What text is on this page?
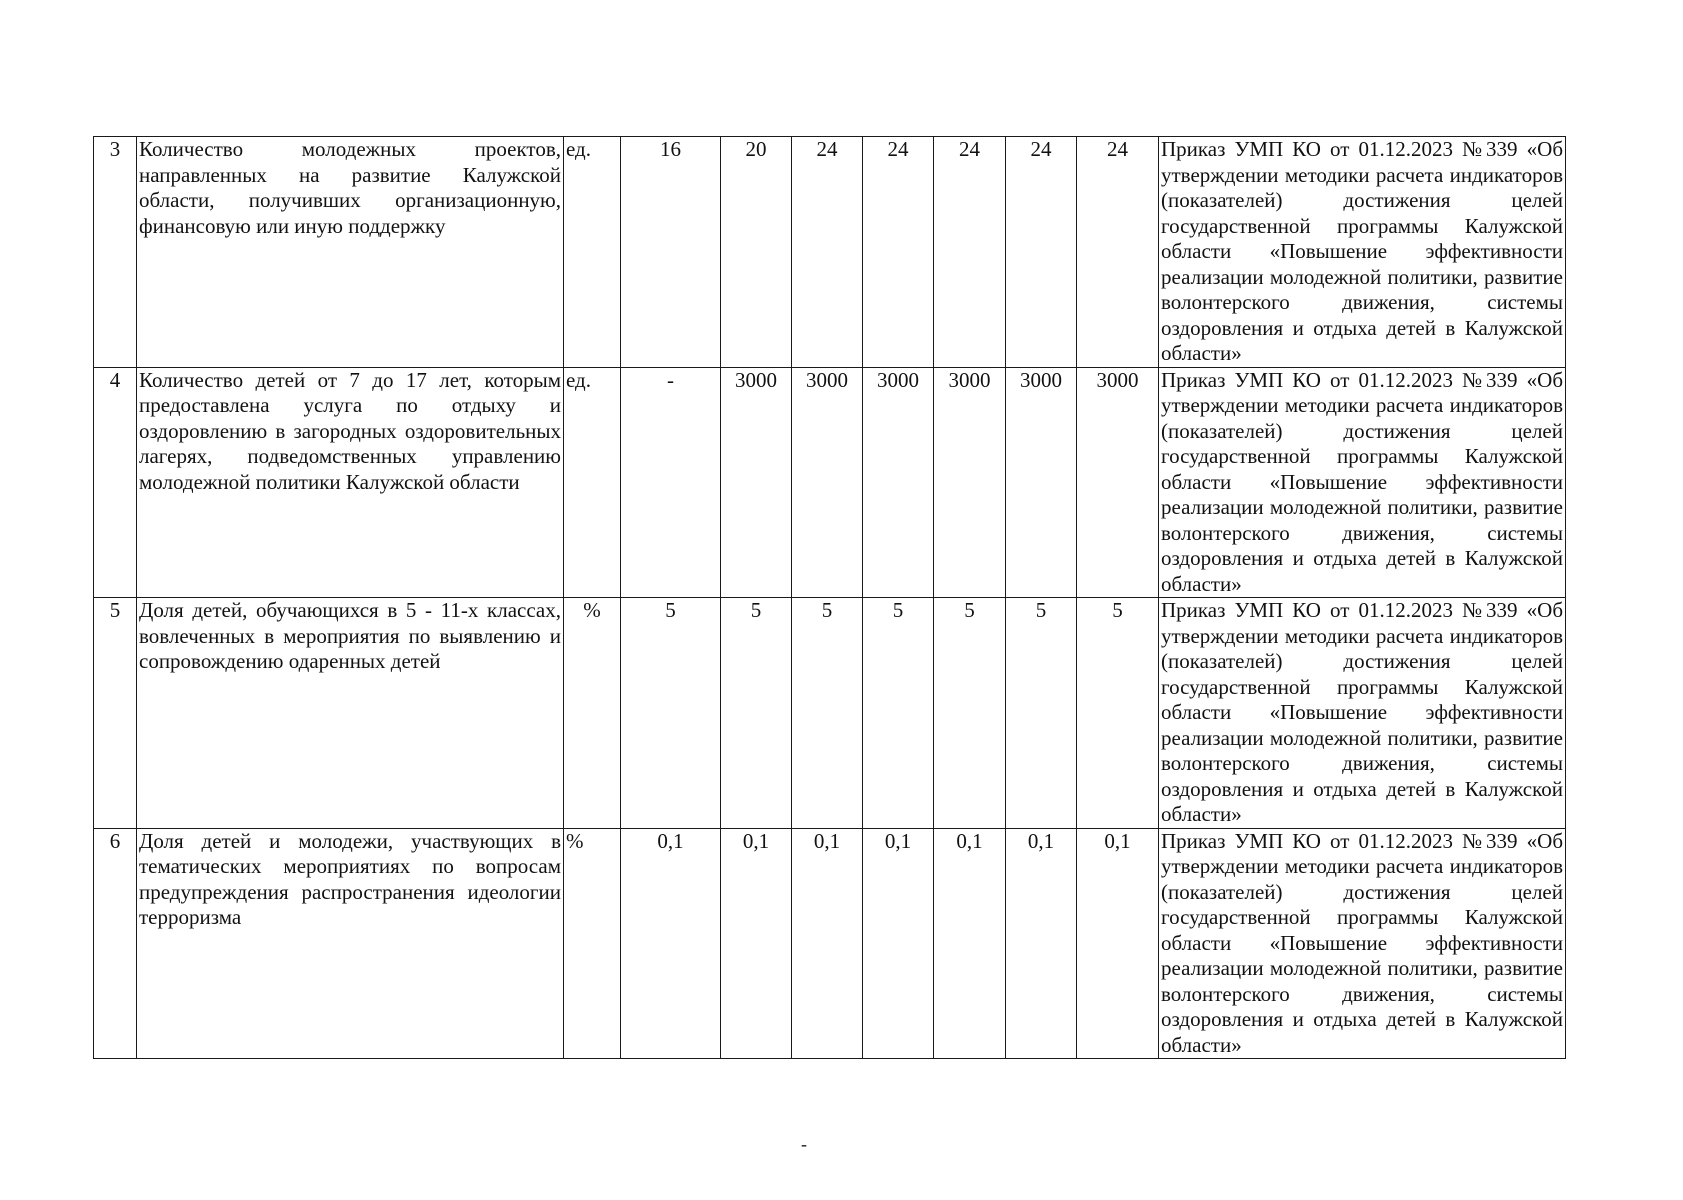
3	Количество молодежных проектов, направленных на развитие Калужской области, получивших организационную, финансовую или иную поддержку	ед.	16	20	24	24	24	24	24	Приказ УМП КО от 01.12.2023 №339 «Об утверждении методики расчета индикаторов (показателей) достижения целей государственной программы Калужской области «Повышение эффективности реализации молодежной политики, развитие волонтерского движения, системы оздоровления и отдыха детей в Калужской области»
4	Количество детей от 7 до 17 лет, которым предоставлена услуга по отдыху и оздоровлению в загородных оздоровительных лагерях, подведомственных управлению молодежной политики Калужской области	ед.	-	3000	3000	3000	3000	3000	3000	Приказ УМП КО от 01.12.2023 №339 «Об утверждении методики расчета индикаторов (показателей) достижения целей государственной программы Калужской области «Повышение эффективности реализации молодежной политики, развитие волонтерского движения, системы оздоровления и отдыха детей в Калужской области»
5	Доля детей, обучающихся в 5 - 11-х классах, вовлеченных в мероприятия по выявлению и сопровождению одаренных детей	%	5	5	5	5	5	5	5	Приказ УМП КО от 01.12.2023 №339 «Об утверждении методики расчета индикаторов (показателей) достижения целей государственной программы Калужской области «Повышение эффективности реализации молодежной политики, развитие волонтерского движения, системы оздоровления и отдыха детей в Калужской области»
6	Доля детей и молодежи, участвующих в тематических мероприятиях по вопросам предупреждения распространения идеологии терроризма	%	0,1	0,1	0,1	0,1	0,1	0,1	0,1	Приказ УМП КО от 01.12.2023 №339 «Об утверждении методики расчета индикаторов (показателей) достижения целей государственной программы Калужской области «Повышение эффективности реализации молодежной политики, развитие волонтерского движения, системы оздоровления и отдыха детей в Калужской области»
-
